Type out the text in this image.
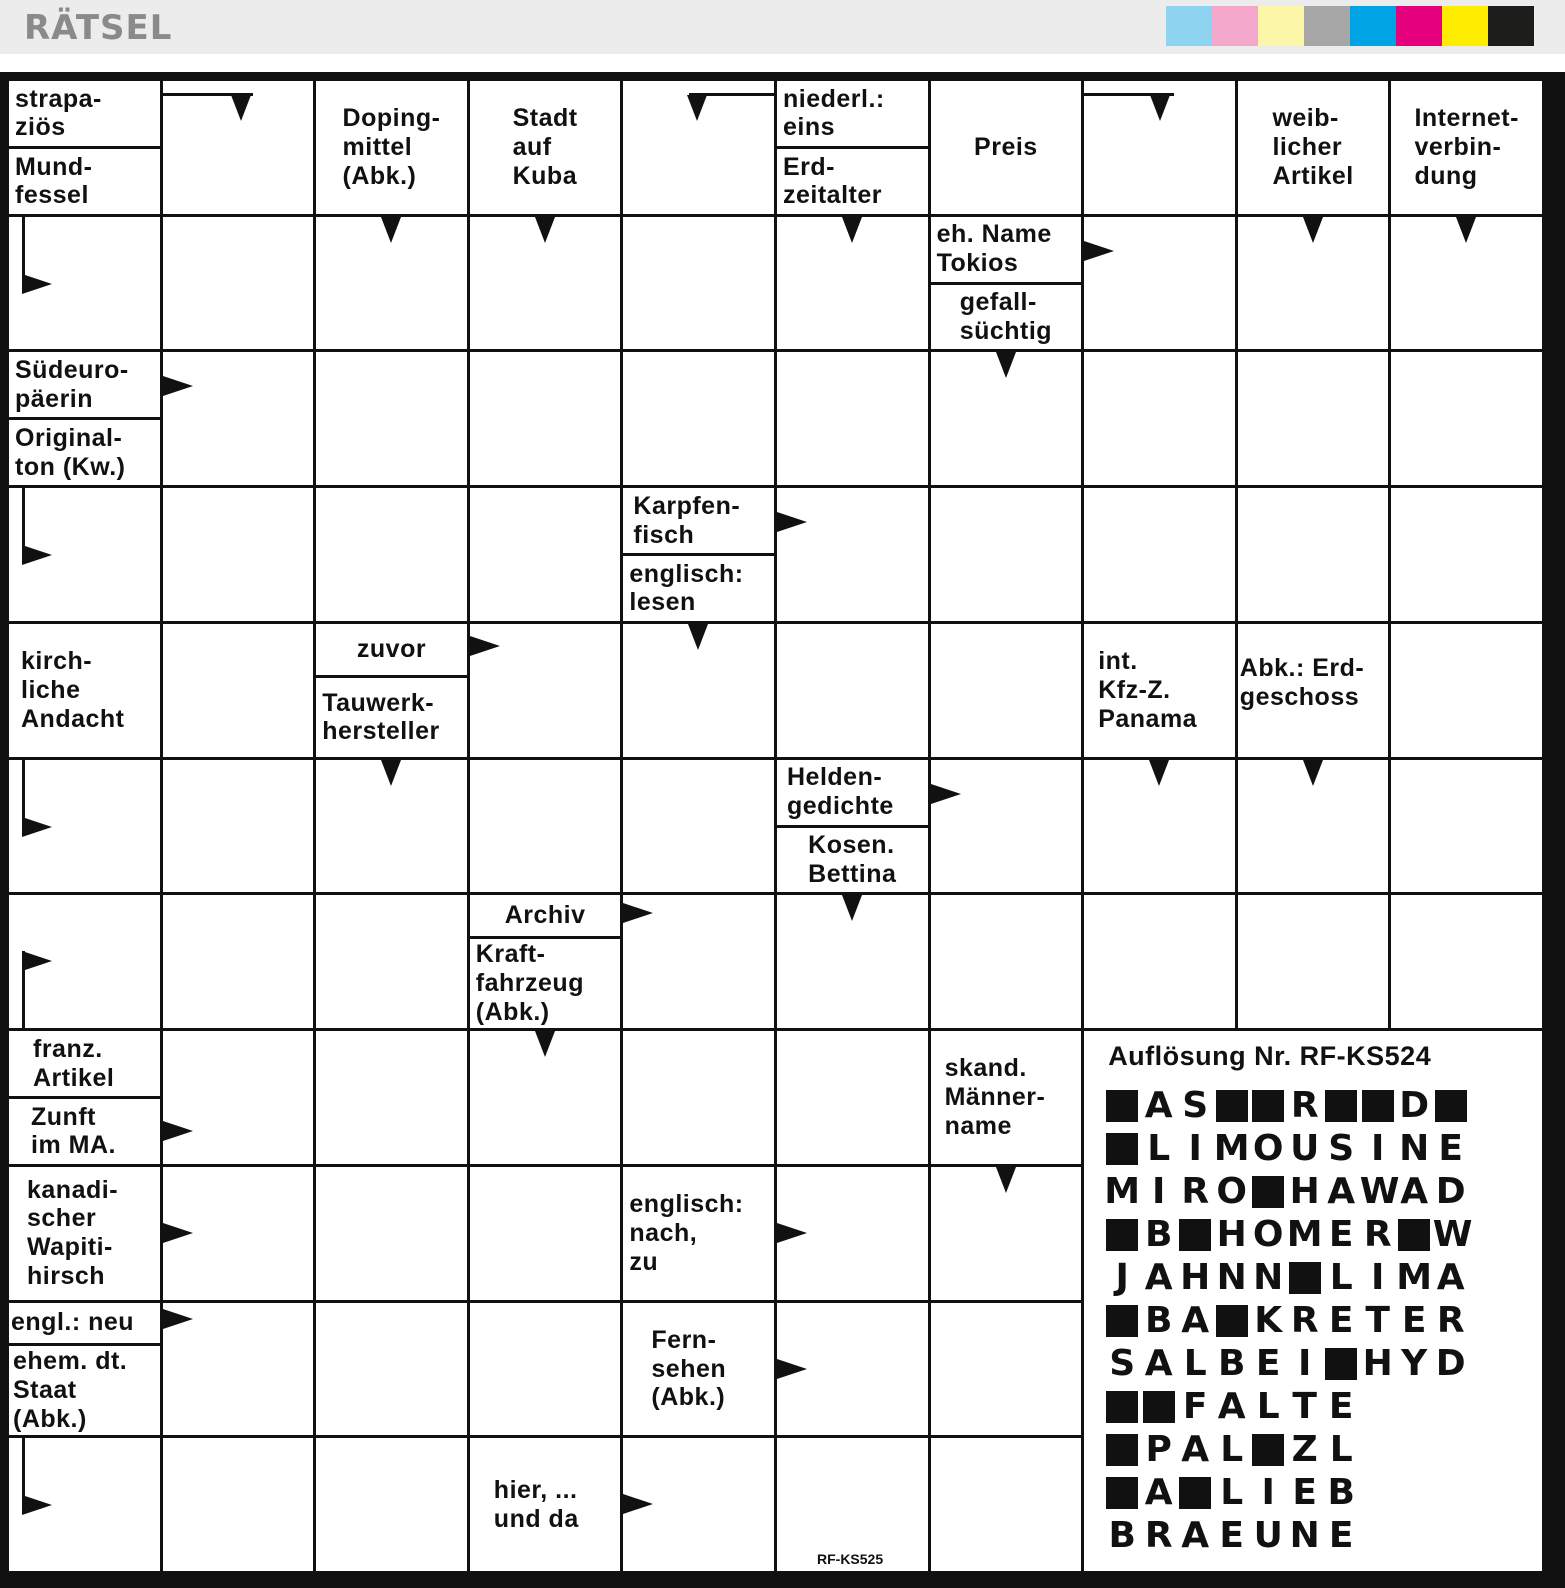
RÄTSEL
strapa-
ziös
Mund-
fessel
Doping-
mittel
(Abk.)
Stadt
auf
Kuba
niederl.:
eins
Erd-
zeitalter
Preis
weib-
licher
Artikel
Internet-
verbin-
dung
eh. Name
Tokios
gefall-
süchtig
Südeuro-
päerin
Original-
ton (Kw.)
Karpfen-
fisch
englisch:
lesen
kirch-
liche
Andacht
zuvor
Tauwerk-
hersteller
int.
Kfz-Z.
Panama
Abk.: Erd-
geschoss
Helden-
gedichte
Kosen.
Bettina
Archiv
Kraft-
fahrzeug
(Abk.)
franz.
Artikel
Zunft
im MA.
skand.
Männer-
name
kanadi-
scher
Wapiti-
hirsch
englisch:
nach,
zu
engl.: neu
ehem. dt.
Staat
(Abk.)
Fern-
sehen
(Abk.)
hier, ...
und da
RF-KS525
Auflösung Nr. RF-KS524
A S R D
L I M O U S I N E
M I R O H A W A D
B H O M E R W
J A H N N L I M A
B A K R E T E R
S A L B E I	H Y D
F A L T E
P A L Z L
A L I E B
B R A E U N E
